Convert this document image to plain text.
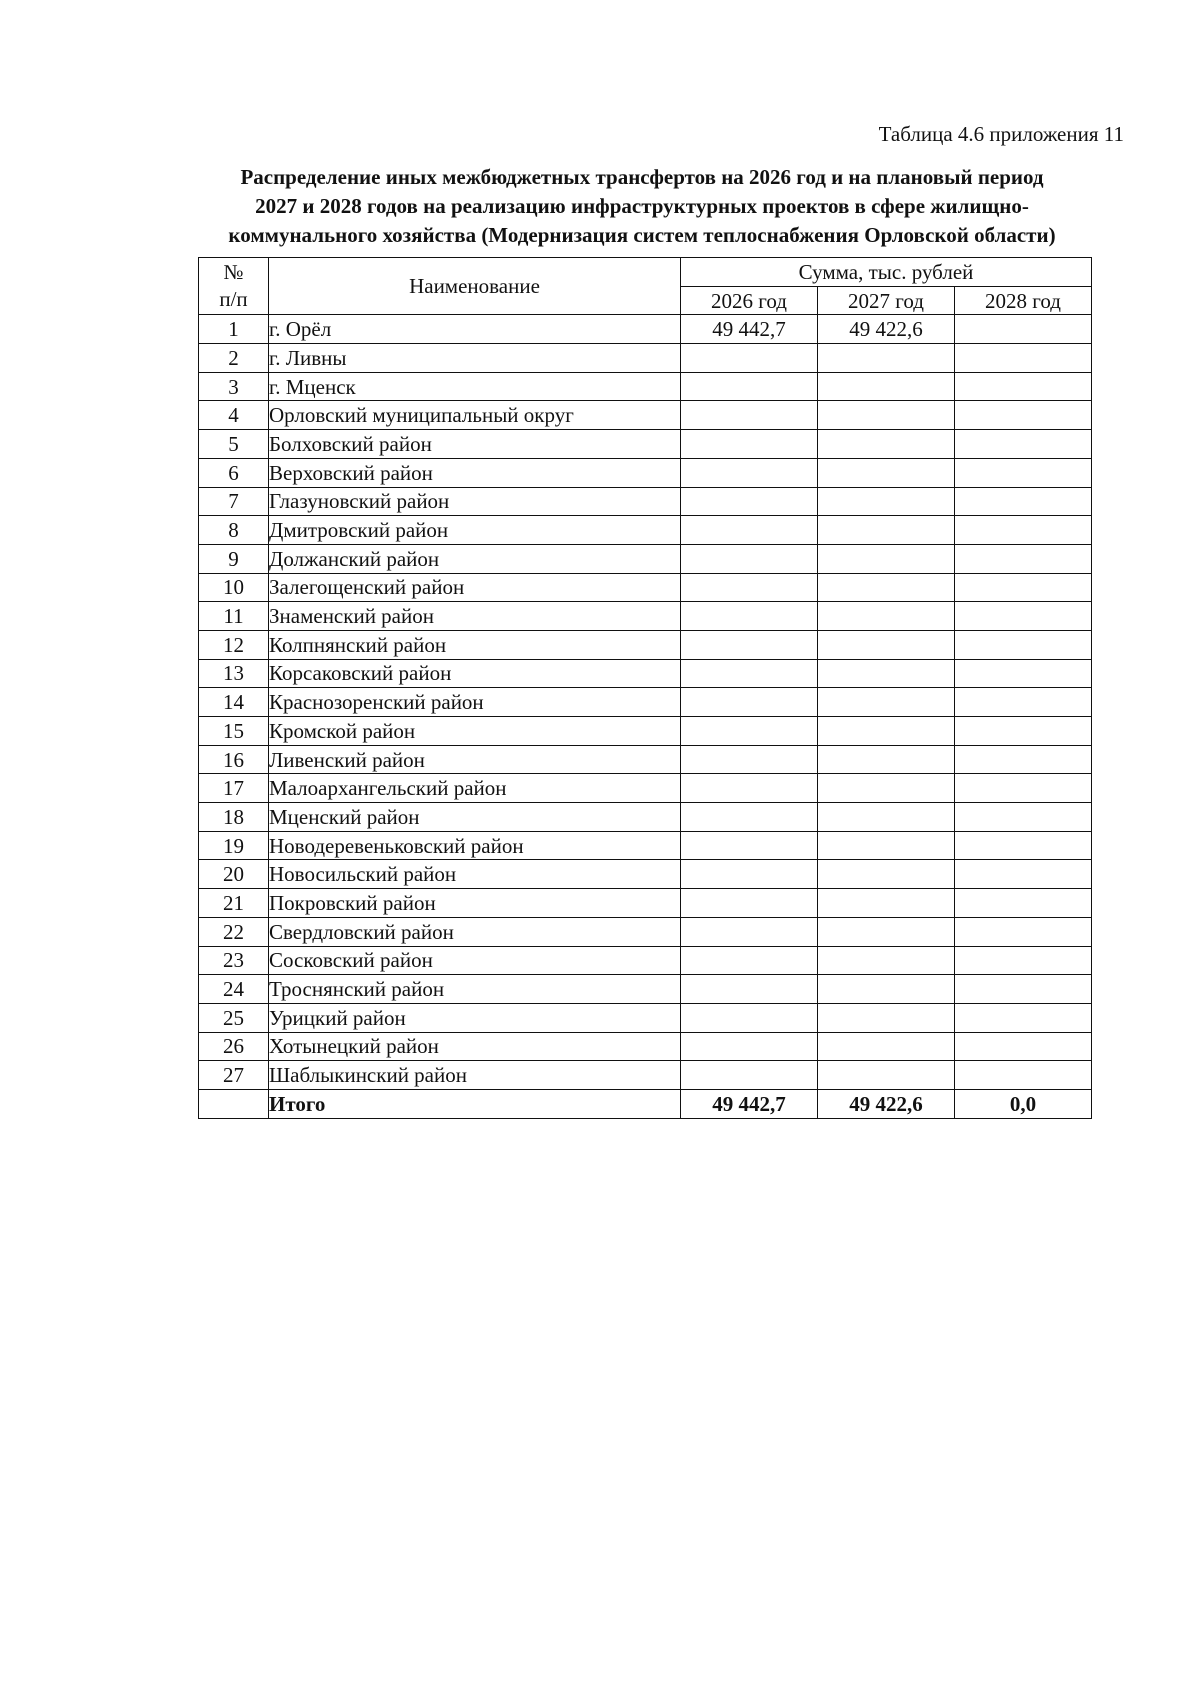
Таблица 4.6 приложения 11
Распределение иных межбюджетных трансфертов на 2026 год и на плановый период
2027 и 2028 годов на реализацию инфраструктурных проектов в сфере жилищно-
коммунального хозяйства (Модернизация систем теплоснабжения Орловской области)
№
п/п	Наименование	Сумма, тыс. рублей		
		2026 год	2027 год	2028 год
1	г. Орёл	49 442,7	49 422,6	
2	г. Ливны			
3	г. Мценск			
4	Орловский муниципальный округ			
5	Болховский район			
6	Верховский район			
7	Глазуновский район			
8	Дмитровский район			
9	Должанский район			
10	Залегощенский район			
11	Знаменский район			
12	Колпнянский район			
13	Корсаковский район			
14	Краснозоренский район			
15	Кромской район			
16	Ливенский район			
17	Малоархангельский район			
18	Мценский район			
19	Новодеревеньковский район			
20	Новосильский район			
21	Покровский район			
22	Свердловский район			
23	Сосковский район			
24	Троснянский район			
25	Урицкий район			
26	Хотынецкий район			
27	Шаблыкинский район			
	Итого	49 442,7	49 422,6	0,0
